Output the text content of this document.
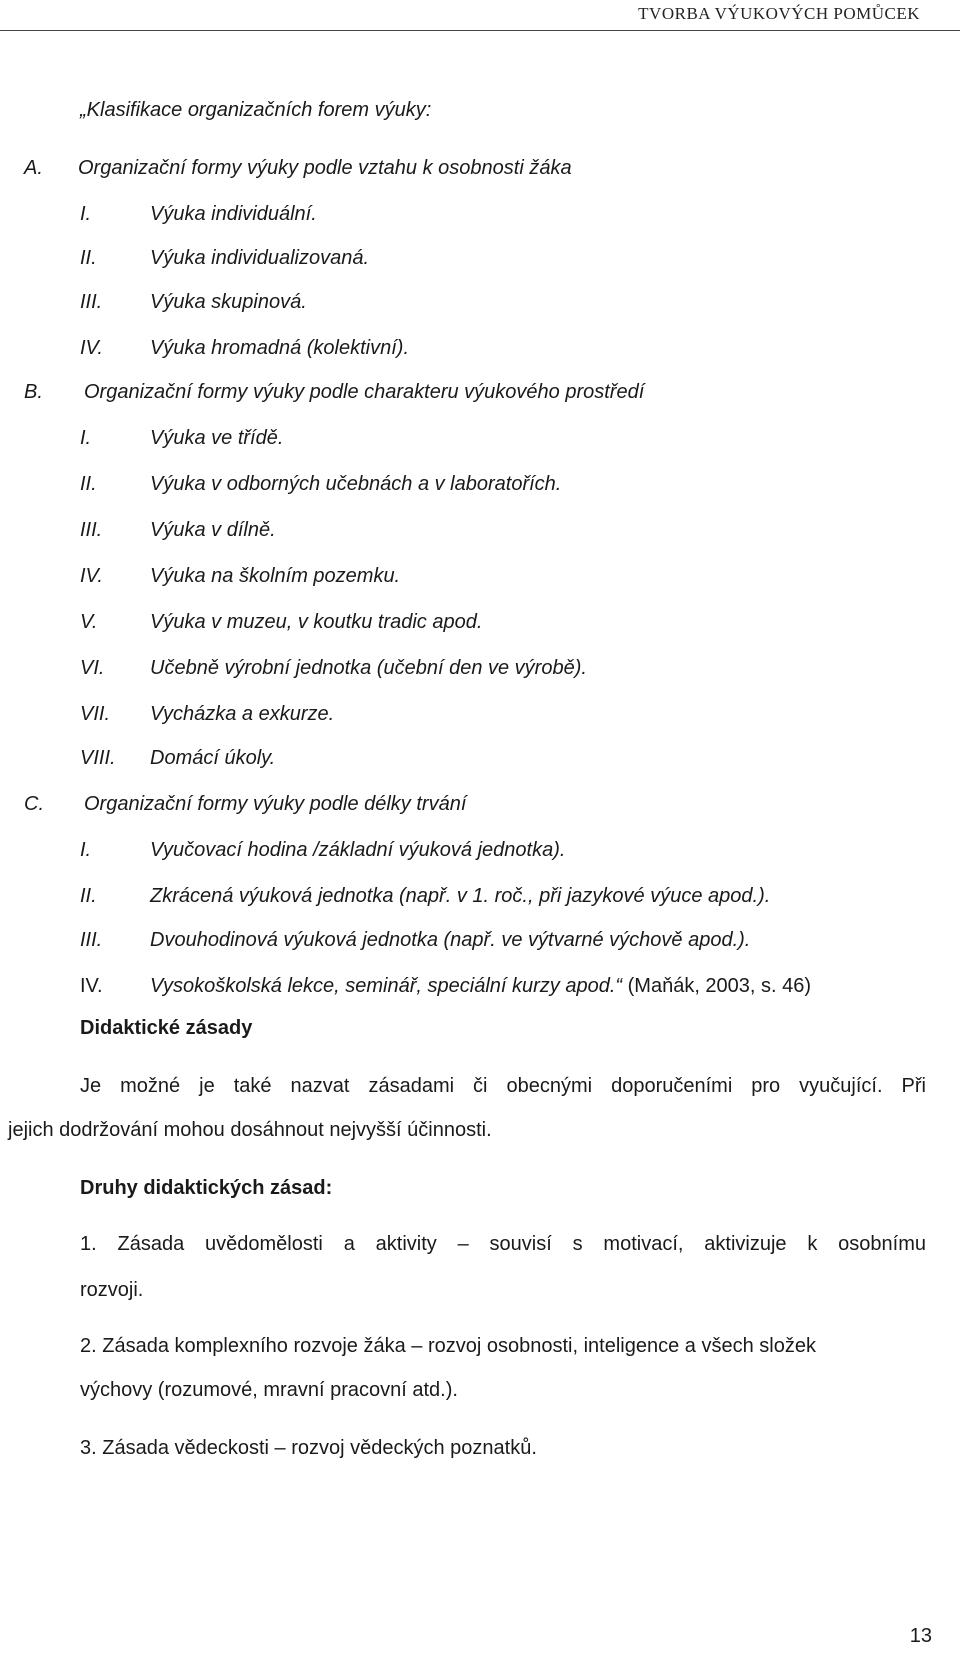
TVORBA VÝUKOVÝCH POMŮCEK
„Klasifikace organizačních forem výuky:
A. Organizační formy výuky podle vztahu k osobnosti žáka
I.	Výuka individuální.
II.	Výuka individualizovaná.
III. Výuka skupinová.
IV. Výuka hromadná (kolektivní).
B. Organizační formy výuky podle charakteru výukového prostředí
I.	Výuka ve třídě.
II.	Výuka v odborných učebnách a v laboratořích.
III. Výuka v dílně.
IV. Výuka na školním pozemku.
V.	Výuka v muzeu, v koutku tradic apod.
VI. Učebně výrobní jednotka (učební den ve výrobě).
VII. Vycházka a exkurze.
VIII. Domácí úkoly.
C. Organizační formy výuky podle délky trvání
I.	Vyučovací hodina /základní výuková jednotka).
II.	Zkrácená výuková jednotka (např. v 1. roč., při jazykové výuce apod.).
III. Dvouhodinová výuková jednotka (např. ve výtvarné výchově apod.).
IV. Vysokoškolská lekce, seminář, speciální kurzy apod.“ (Maňák, 2003, s. 46)
Didaktické zásady
Je možné je také nazvat zásadami či obecnými doporučeními pro vyučující. Při
jejich dodržování mohou dosáhnout nejvyšší účinnosti.
Druhy didaktických zásad:
1. Zásada uvědomělosti a aktivity – souvisí s motivací, aktivizuje k osobnímu
rozvoji.
2. Zásada komplexního rozvoje žáka – rozvoj osobnosti, inteligence a všech složek
výchovy (rozumové, mravní pracovní atd.).
3. Zásada vědeckosti – rozvoj vědeckých poznatků.
13
